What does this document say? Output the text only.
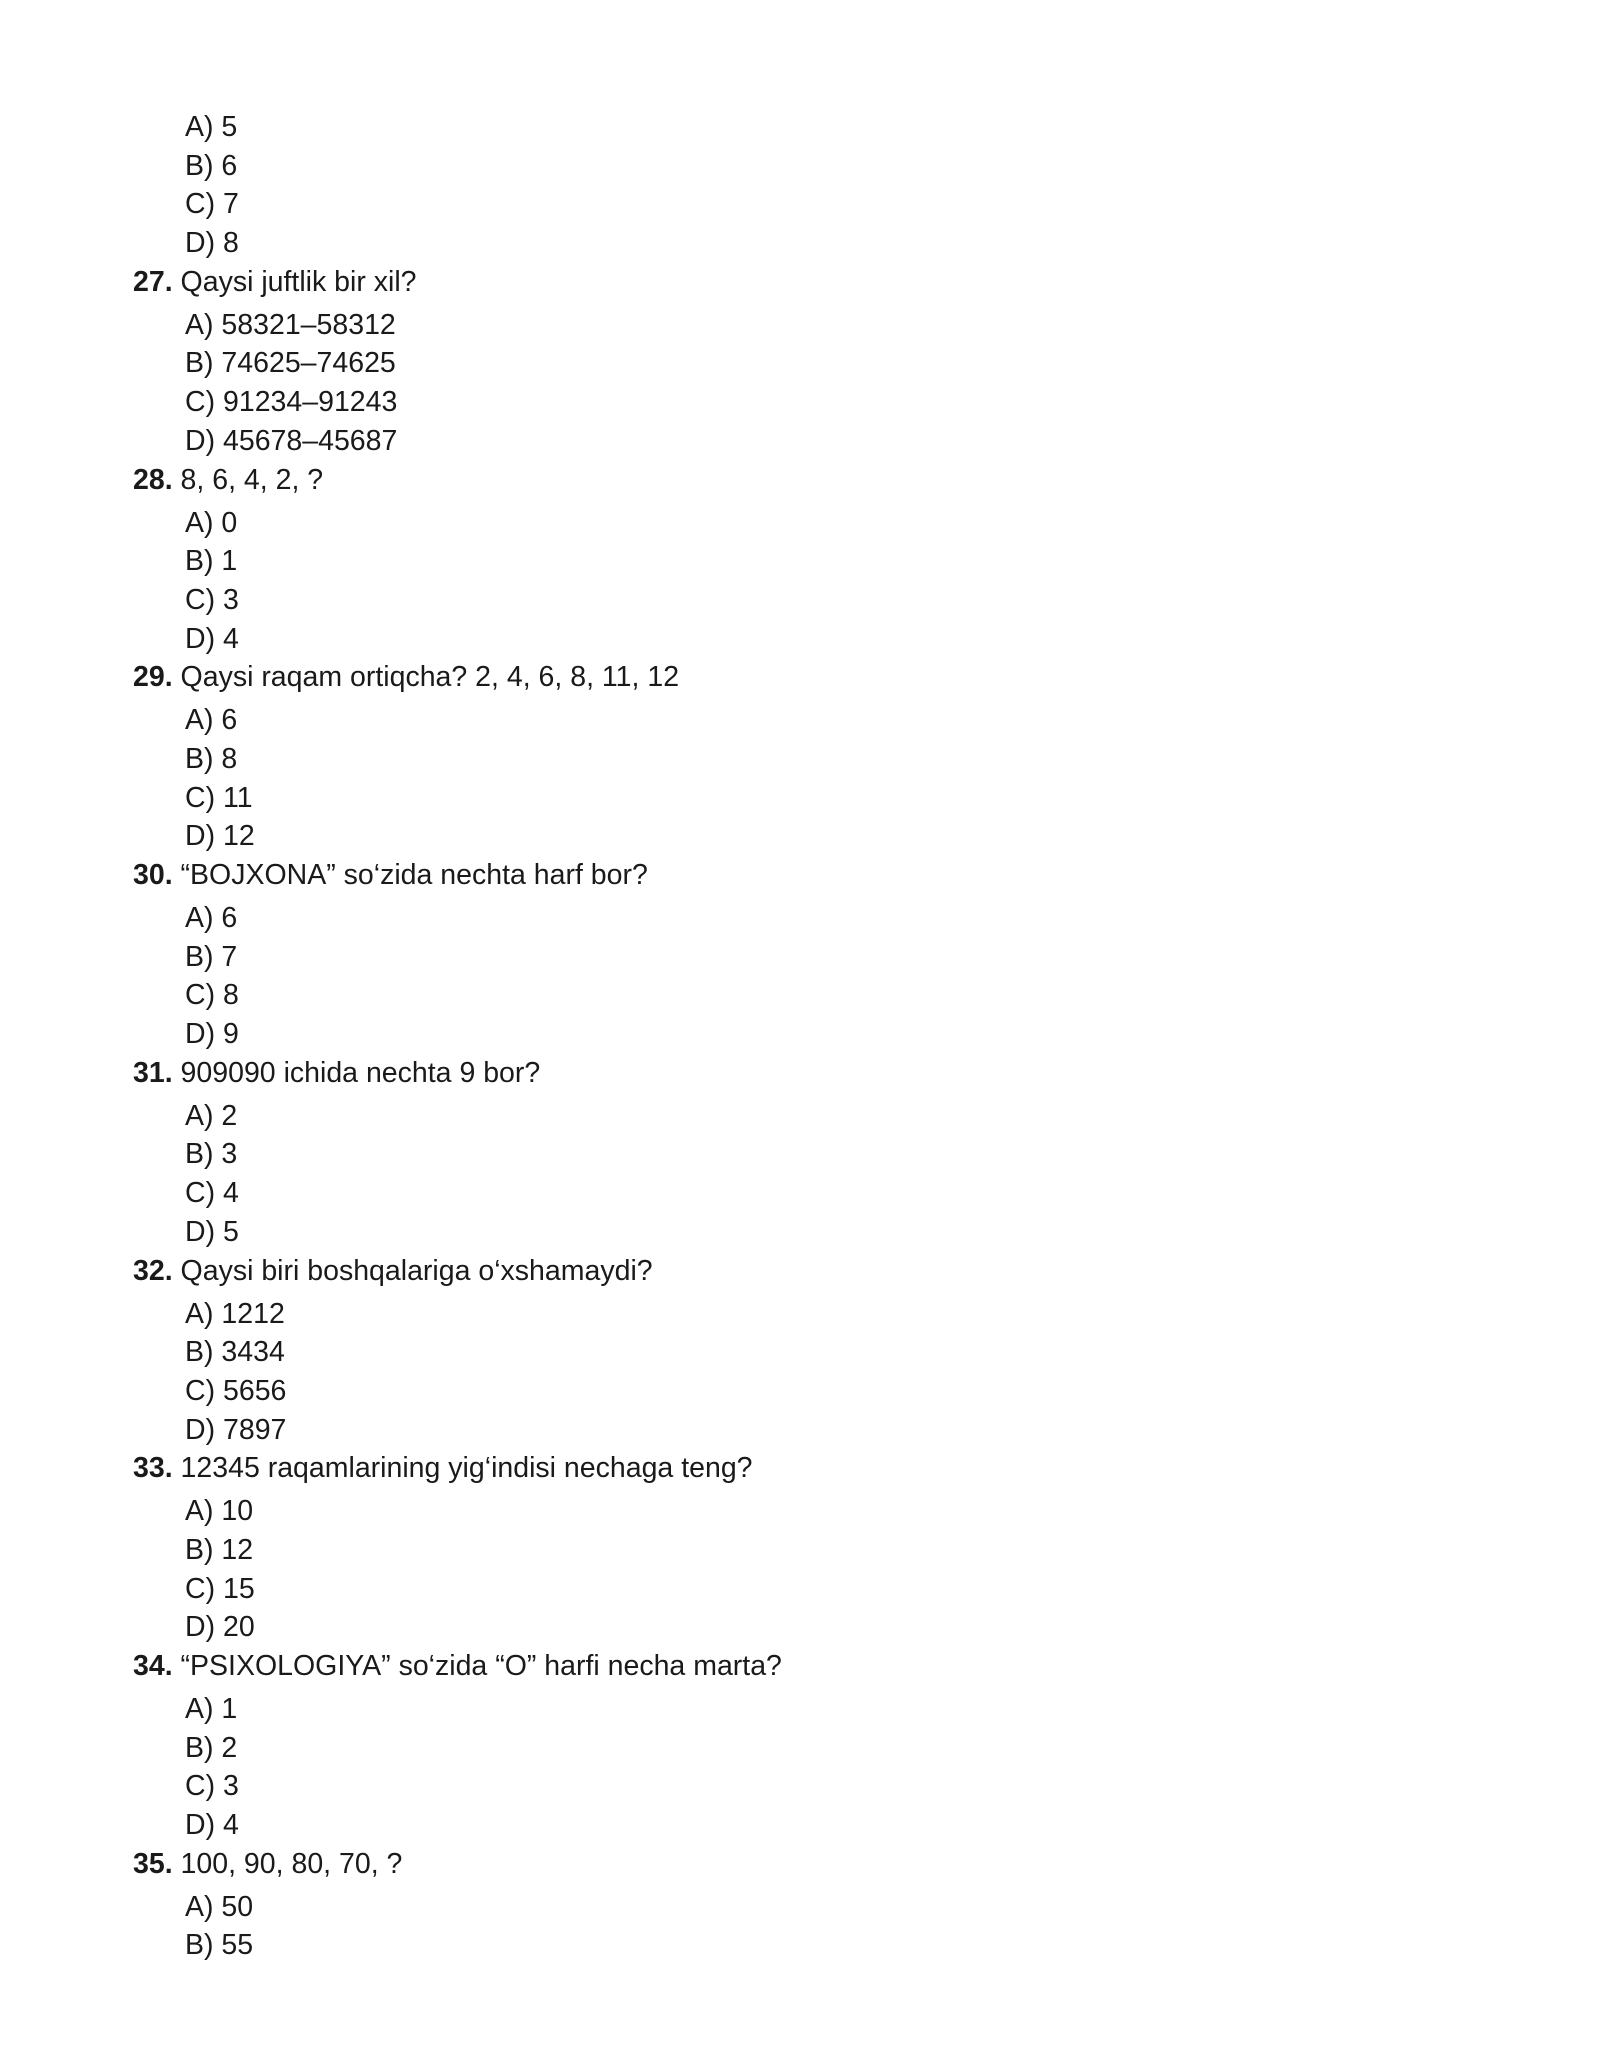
A) 5
B) 6
C) 7
D) 8
27. Qaysi juftlik bir xil?
A) 58321–58312
B) 74625–74625
C) 91234–91243
D) 45678–45687
28. 8, 6, 4, 2, ?
A) 0
B) 1
C) 3
D) 4
29. Qaysi raqam ortiqcha? 2, 4, 6, 8, 11, 12
A) 6
B) 8
C) 11
D) 12
30. “BOJXONA” so‘zida nechta harf bor?
A) 6
B) 7
C) 8
D) 9
31. 909090 ichida nechta 9 bor?
A) 2
B) 3
C) 4
D) 5
32. Qaysi biri boshqalariga o‘xshamaydi?
A) 1212
B) 3434
C) 5656
D) 7897
33. 12345 raqamlarining yig‘indisi nechaga teng?
A) 10
B) 12
C) 15
D) 20
34. “PSIXOLOGIYA” so‘zida “O” harfi necha marta?
A) 1
B) 2
C) 3
D) 4
35. 100, 90, 80, 70, ?
A) 50
B) 55
